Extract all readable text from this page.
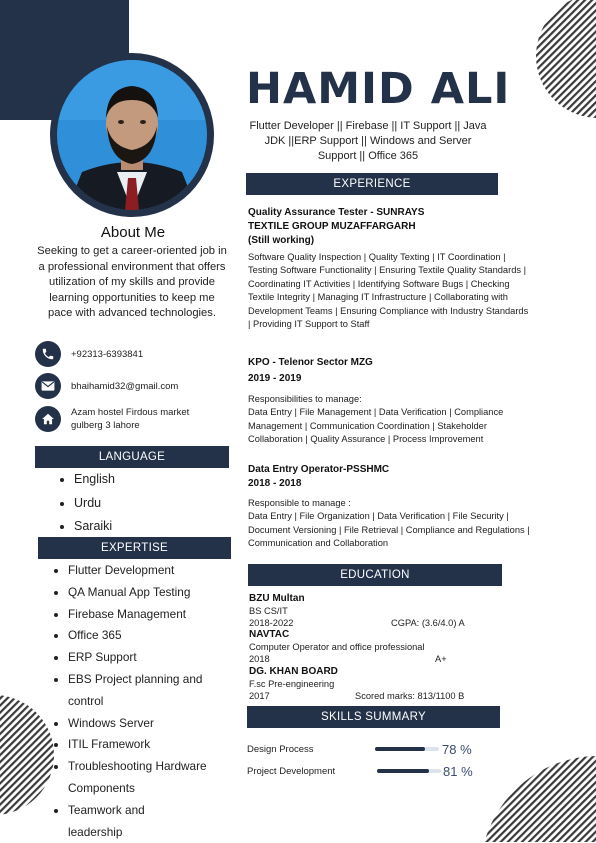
HAMID ALI
Flutter Developer || Firebase || IT Support || Java JDK ||ERP Support || Windows and Server Support || Office 365
About Me
Seeking to get a career-oriented job in a professional environment that offers utilization of my skills and provide learning opportunities to keep me pace with advanced technologies.
+92313-6393841
bhaihamid32@gmail.com
Azam hostel Firdous market
gulberg 3 lahore
LANGUAGE
English
Urdu
Saraiki
EXPERTISE
Flutter Development
QA Manual App Testing
Firebase Management
Office 365
ERP Support
EBS Project planning and control
Windows Server
ITIL Framework
Troubleshooting Hardware Components
Teamwork and leadership
EXPERIENCE
Quality Assurance Tester - SUNRAYS
TEXTILE GROUP MUZAFFARGARH
(Still working)
Software Quality Inspection | Quality Texting | IT Coordination | Testing Software Functionality | Ensuring Textile Quality Standards | Coordinating IT Activities | Identifying Software Bugs | Checking Textile Integrity | Managing IT Infrastructure | Collaborating with Development Teams | Ensuring Compliance with Industry Standards | Providing IT Support to Staff
KPO - Telenor Sector MZG
2019 - 2019
Responsibilities to manage:
Data Entry | File Management | Data Verification | Compliance Management | Communication Coordination | Stakeholder Collaboration | Quality Assurance | Process Improvement
Data Entry Operator-PSSHMC
2018 - 2018
Responsible to manage :
Data Entry | File Organization | Data Verification | File Security | Document Versioning | File Retrieval | Compliance and Regulations | Communication and Collaboration
EDUCATION
BZU Multan
BS CS/IT
2018-2022	CGPA: (3.6/4.0) A
NAVTAC
Computer Operator and office professional
2018	A+
DG. KHAN BOARD
F.sc Pre-engineering
2017	Scored marks: 813/1100 B
SKILLS SUMMARY
Design Process	78 %
Project Development	81 %
